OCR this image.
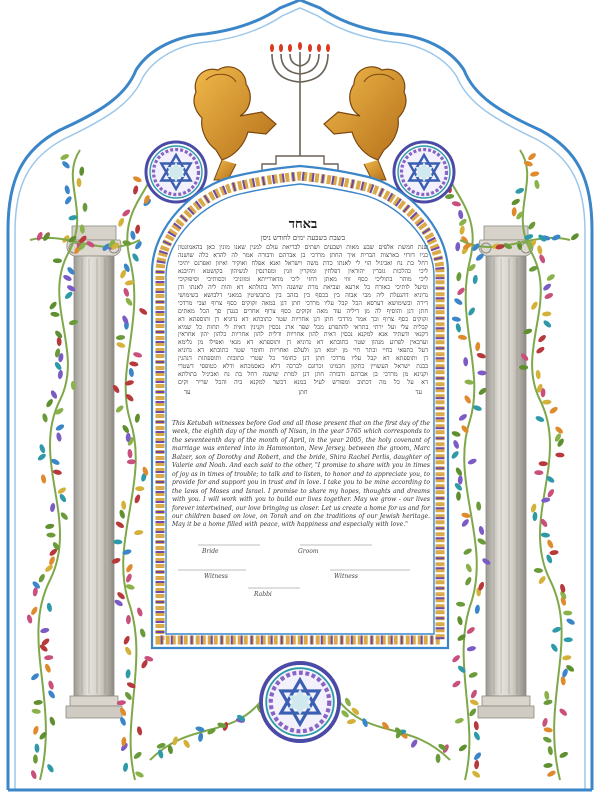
באחד
בשבת בשבעה ימים לחודש ניסן
שנת חמשת אלפים שבע מאות ושבעים ושתים לבריאת עולם למנין שאנו מונין כאן בהאמונטון
בניו דזרזי בארצות הברית איך החתן מרדכי בן אברהם ודבורה אמר לה להדא כלה שושנה
רחל בת נח ואביגיל הוי לי לאנתו כדת משה וישראל ואנא אפלח ואוקיר ואיזון ואפרנס יתיכי
ליכי כהלכות גוברין יהודאין דפלחין ומוקרין וזנין ומפרנסין לנשיהון בקושטא ויהיבנא
ליכי מוהר בתוליכי כסף זוזי מאתן דחזי ליכי מדאורייתא ומזוניכי וכסותיכי וסיפוקיכי
ומיעל לותיכי כאורח כל ארעא וצביאת מרת שושנה רחל בתולתא דא והות ליה לאנתו ודן
נדוניא דהנעלת ליה מבי אבוה בין בכסף בין בזהב בין בתכשיטין במאני דלבושא בשימושי
דירה ובשימושא דערסא הכל קבל עליו מרדכי חתן דנן במאה זקוקים כסף צרוף וצבי מרדכי
חתן דנן והוסיף לה מן דיליה עוד מאה זקוקים כסף צרוף אחרים כנגדן סך הכל מאתים
זקוקים כסף צרוף וכך אמר מרדכי חתן דנן אחריות שטר כתובתא דא נדוניא דן ותוספתא דא
קבלית עלי ועל ירתי בתראי להתפרע מכל שפר ארג נכסין וקנינין דאית לי תחות כל שמיא
דקנאי ודעתיד אנא למקנא נכסין דאית להון אחריות ודלית להון אחריות כלהון יהון אחראין
וערבאין לפרוע מנהון שטר כתובתא דא נדוניא דן ותוספתא דא מנאי ואפילו מן גלימא
דעל כתפאי בחיי ובתר חיי מן יומא דנן ולעלם ואחריות וחומר שטר כתובתא דא נדוניא
דן ותוספתא דא קבל עליו מרדכי חתן דנן כחומר כל שטרי כתובות ותוספתות דנהגין
בבנת ישראל העשויין כתקון חכמינו זכרונם לברכה דלא כאסמכתא ודלא כטופסי דשטרי
וקנינא מן מרדכי בן אברהם ודבורה חתן דנן למרת שושנה רחל בת נח ואביגיל בתולתא
דא על כל מה דכתוב ומפורש לעיל במנא דכשר למקנא ביה והכל שריר וקים
עד
חתן
עד
This Ketubah witnesses before God and all those present that on the first day of the week, the eighth day of the month of Nisan, in the year 5765 which corresponds to the seventeenth day of the month of April, in the year 2005, the holy covenant of marriage was entered into in Hammonton, New Jersey, between the groom, Marc Balzer, son of Dorothy and Robert, and the bride, Shira Rachel Perlis, daughter of Valerie and Noah. And each said to the other, "I promise to share with you in times of joy as in times of trouble; to talk and to listen, to honor and to appreciate you, to provide for and support you in trust and in love. I take you to be mine according to the laws of Moses and Israel. I promise to share my hopes, thoughts and dreams with you. I will work with you to build our lives together. May we grow - our lives forever intertwined, our love bringing us closer. Let us create a home for us and for our children based on love, on Torah and on the traditions of our Jewish heritage. May it be a home filled with peace, with happiness and especially with love."
Bride	Groom
Witness	Witness
Rabbi
